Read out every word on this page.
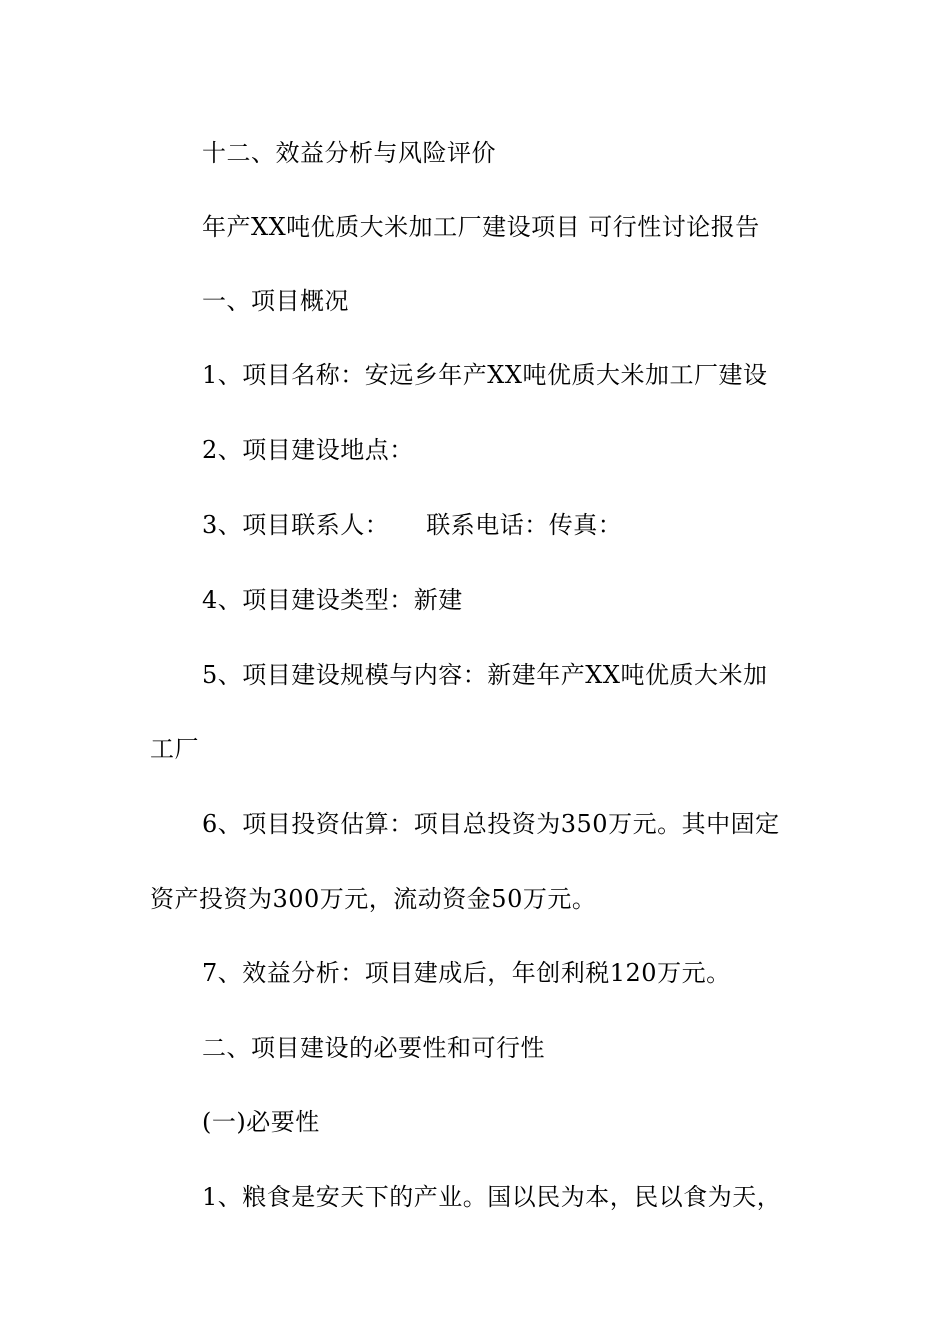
十二、效益分析与风险评价
年产XX吨优质大米加工厂建设项目 可行性讨论报告
一、项目概况
1、项目名称：安远乡年产XX吨优质大米加工厂建设
2、项目建设地点：
3、项目联系人：　　联系电话：传真：
4、项目建设类型：新建
5、项目建设规模与内容：新建年产XX吨优质大米加
工厂
6、项目投资估算：项目总投资为350万元。其中固定
资产投资为300万元，流动资金50万元。
7、效益分析：项目建成后，年创利税120万元。
二、项目建设的必要性和可行性
(一)必要性
1、粮食是安天下的产业。国以民为本，民以食为天，
